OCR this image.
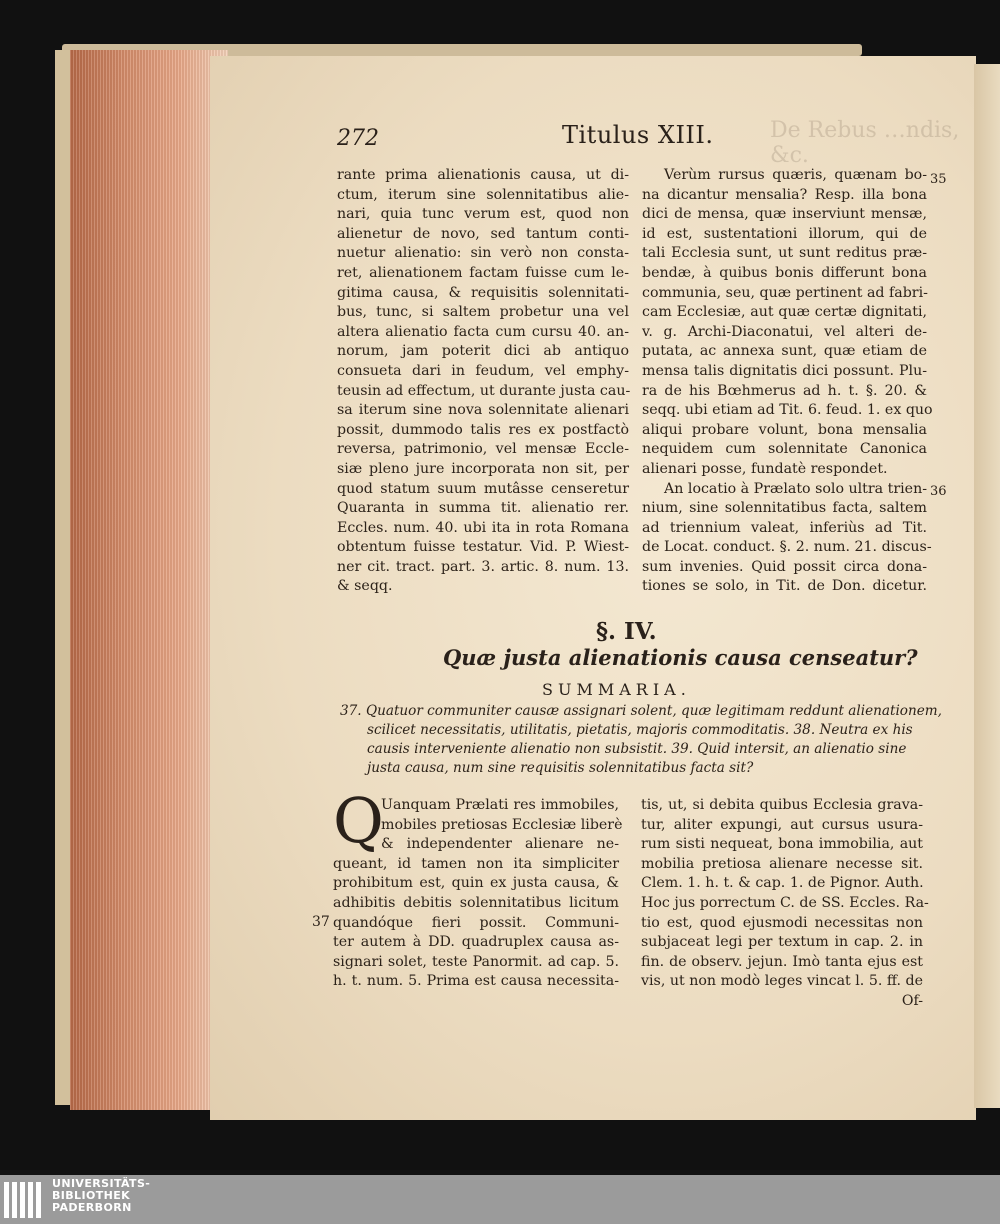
De Rebus …ndis, &c.
272	Titulus XIII.
35
36
37
rante prima alienationis causa, ut di-
ctum, iterum sine solennitatibus alie-
nari, quia tunc verum est, quod non
alienetur de novo, sed tantum conti-
nuetur alienatio: sin verò non consta-
ret, alienationem factam fuisse cum le-
gitima causa, & requisitis solennitati-
bus, tunc, si saltem probetur una vel
altera alienatio facta cum cursu 40. an-
norum, jam poterit dici ab antiquo
consueta dari in feudum, vel emphy-
teusin ad effectum, ut durante justa cau-
sa iterum sine nova solennitate alienari
possit, dummodo talis res ex postfactò
reversa, patrimonio, vel mensæ Eccle-
siæ pleno jure incorporata non sit, per
quod statum suum mutâsse censeretur
Quaranta in summa tit. alienatio rer.
Eccles. num. 40. ubi ita in rota Romana
obtentum fuisse testatur. Vid. P. Wiest-
ner cit. tract. part. 3. artic. 8. num. 13.
& seqq.
Verùm rursus quæris, quænam bo-
na dicantur mensalia? Resp. illa bona
dici de mensa, quæ inserviunt mensæ,
id est, sustentationi illorum, qui de
tali Ecclesia sunt, ut sunt reditus præ-
bendæ, à quibus bonis differunt bona
communia, seu, quæ pertinent ad fabri-
cam Ecclesiæ, aut quæ certæ dignitati,
v. g. Archi-Diaconatui, vel alteri de-
putata, ac annexa sunt, quæ etiam de
mensa talis dignitatis dici possunt. Plu-
ra de his Bœhmerus ad h. t. §. 20. &
seqq. ubi etiam ad Tit. 6. feud. 1. ex quo
aliqui probare volunt, bona mensalia
nequidem cum solennitate Canonica
alienari posse, fundatè respondet.
An locatio à Prælato solo ultra trien-
nium, sine solennitatibus facta, saltem
ad triennium valeat, inferiùs ad Tit.
de Locat. conduct. §. 2. num. 21. discus-
sum invenies. Quid possit circa dona-
tiones se solo, in Tit. de Don. dicetur.
§. IV.
Quæ justa alienationis causa censeatur?
SUMMARIA.
37. Quatuor communiter causæ assignari solent, quæ legitimam reddunt alienationem,
scilicet necessitatis, utilitatis, pietatis, majoris commoditatis. 38. Neutra ex his
causis interveniente alienatio non subsistit. 39. Quid intersit, an alienatio sine
justa causa, num sine requisitis solennitatibus facta sit?
Q
Uanquam Prælati res immobiles,
mobiles pretiosas Ecclesiæ liberè
& independenter alienare ne-
queant, id tamen non ita simpliciter
prohibitum est, quin ex justa causa, &
adhibitis debitis solennitatibus licitum
quandóque fieri possit. Communi-
ter autem à DD. quadruplex causa as-
signari solet, teste Panormit. ad cap. 5.
h. t. num. 5. Prima est causa necessita-
tis, ut, si debita quibus Ecclesia grava-
tur, aliter expungi, aut cursus usura-
rum sisti nequeat, bona immobilia, aut
mobilia pretiosa alienare necesse sit.
Clem. 1. h. t. & cap. 1. de Pignor. Auth.
Hoc jus porrectum C. de SS. Eccles. Ra-
tio est, quod ejusmodi necessitas non
subjaceat legi per textum in cap. 2. in
fin. de observ. jejun. Imò tanta ejus est
vis, ut non modò leges vincat l. 5. ff. de
Of-
UNIVERSITÄTS-
BIBLIOTHEK
PADERBORN
